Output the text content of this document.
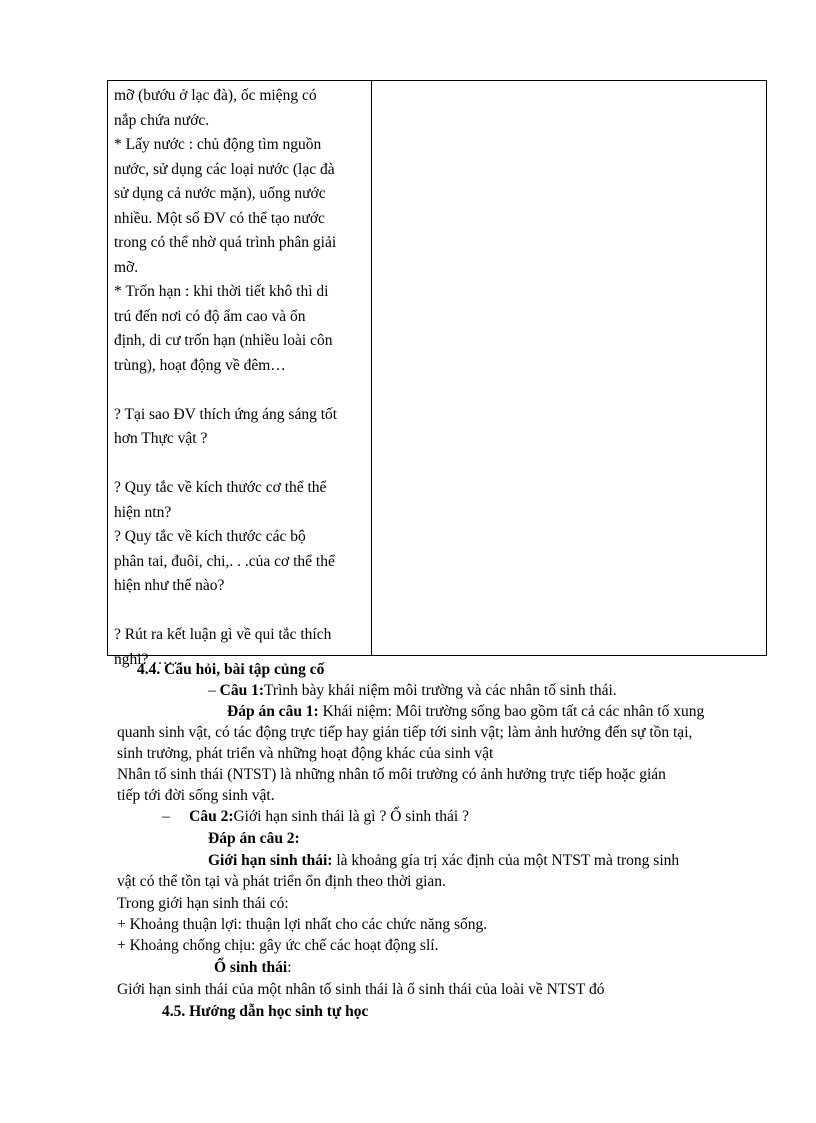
mỡ (bướu ở lạc đà), ốc miệng có
nắp chứa nước.
* Lấy nước : chủ động tìm nguồn
nước, sử dụng các loại nước (lạc đà
sử dụng cả nước mặn), uống nước
nhiều. Một số ĐV có thể tạo nước
trong có thể nhờ quá trình phân giải
mỡ.
* Trốn hạn : khi thời tiết khô thì di
trú đến nơi có độ ẩm cao và ổn
định, di cư trốn hạn (nhiều loài côn
trùng), hoạt động về đêm…

? Tại sao ĐV thích ứng áng sáng tốt
hơn Thực vật ?

? Quy tắc về kích thước cơ thể thể
hiện ntn?
? Quy tắc về kích thước các bộ
phân tai, đuôi, chi,. . .của cơ thể thể
hiện như thế nào?

? Rút ra kết luận gì về qui tắc thích
nghi? ……
4.4. Câu hỏi, bài tập củng cố
– Câu 1:Trình bày khái niệm môi trường và các nhân tố sinh thái.
Đáp án câu 1: Khái niệm: Môi trường sống bao gồm tất cả các nhân tố xung
quanh sinh vật, có tác động trực tiếp hay gián tiếp tới sinh vật; làm ảnh hưởng đến sự tồn tại,
sinh trưởng, phát triển và những hoạt động khác của sinh vật
Nhân tố sinh thái (NTST) là những nhân tố môi trường có ảnh hưởng trực tiếp hoặc gián
tiếp tới đời sống sinh vật.
– Câu 2:Giới hạn sinh thái là gì ? Ổ sinh thái ?
Đáp án câu 2:
Giới hạn sinh thái: là khoảng gía trị xác định của một NTST mà trong sinh
vật có thể tồn tại và phát triển ổn định theo thời gian.
Trong giới hạn sinh thái có:
+ Khoảng thuận lợi: thuận lợi nhất cho các chức năng sống.
+ Khoảng chống chịu: gây ức chế các hoạt động slí.
Ổ sinh thái:
Giới hạn sinh thái của một nhân tố sinh thái là ổ sinh thái của loài về NTST đó
4.5. Hướng dẫn học sinh tự học
